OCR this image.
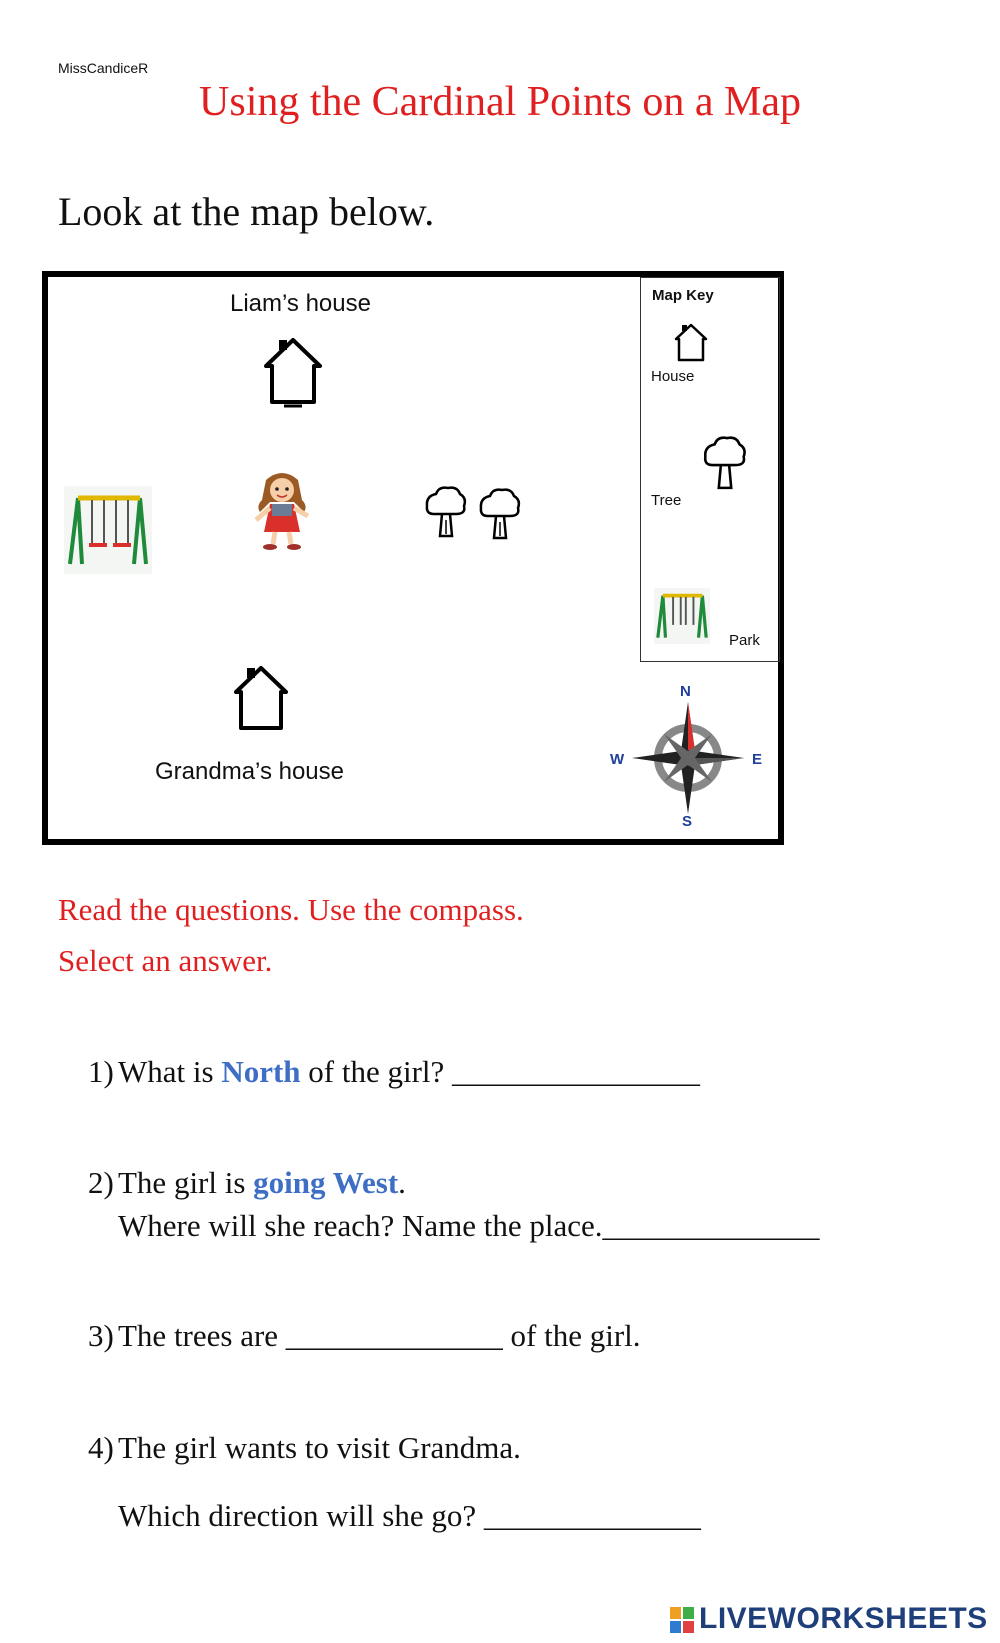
MissCandiceR
Using the Cardinal Points on a Map
Look at the map below.
Liam’s house
Grandma’s house
Map Key
House
Tree
Park
N
S
W	E
Read the questions. Use the compass.
Select an answer.
1) What is North of the girl? ________________
2) The girl is going West.
Where will she reach? Name the place.______________
3) The trees are ______________ of the girl.
4) The girl wants to visit Grandma.
Which direction will she go? ______________
LIVEWORKSHEETS
